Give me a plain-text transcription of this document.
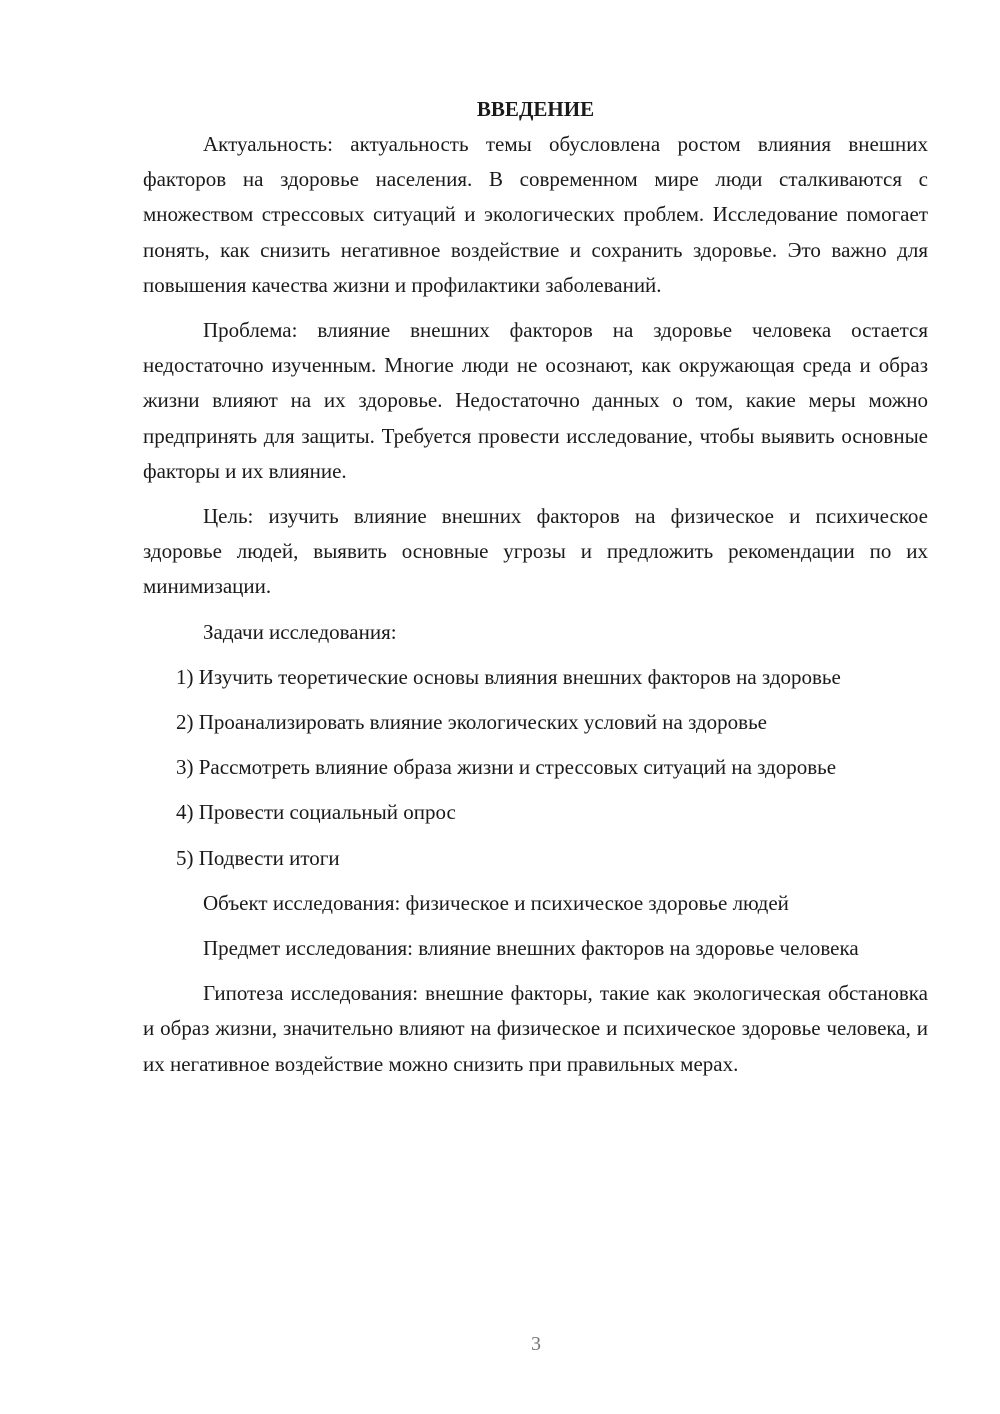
ВВЕДЕНИЕ

Актуальность: актуальность темы обусловлена ростом влияния внешних факторов на здоровье населения. В современном мире люди сталкиваются с множеством стрессовых ситуаций и экологических проблем. Исследование помогает понять, как снизить негативное воздействие и сохранить здоровье. Это важно для повышения качества жизни и профилактики заболеваний.

Проблема: влияние внешних факторов на здоровье человека остается недостаточно изученным. Многие люди не осознают, как окружающая среда и образ жизни влияют на их здоровье. Недостаточно данных о том, какие меры можно предпринять для защиты. Требуется провести исследование, чтобы выявить основные факторы и их влияние.

Цель: изучить влияние внешних факторов на физическое и психическое здоровье людей, выявить основные угрозы и предложить рекомендации по их минимизации.

Задачи исследования:

1) Изучить теоретические основы влияния внешних факторов на здоровье

2) Проанализировать влияние экологических условий на здоровье

3) Рассмотреть влияние образа жизни и стрессовых ситуаций на здоровье

4) Провести социальный опрос

5) Подвести итоги

Объект исследования: физическое и психическое здоровье людей

Предмет исследования: влияние внешних факторов на здоровье человека

Гипотеза исследования: внешние факторы, такие как экологическая обстановка и образ жизни, значительно влияют на физическое и психическое здоровье человека, и их негативное воздействие можно снизить при правильных мерах.

3
